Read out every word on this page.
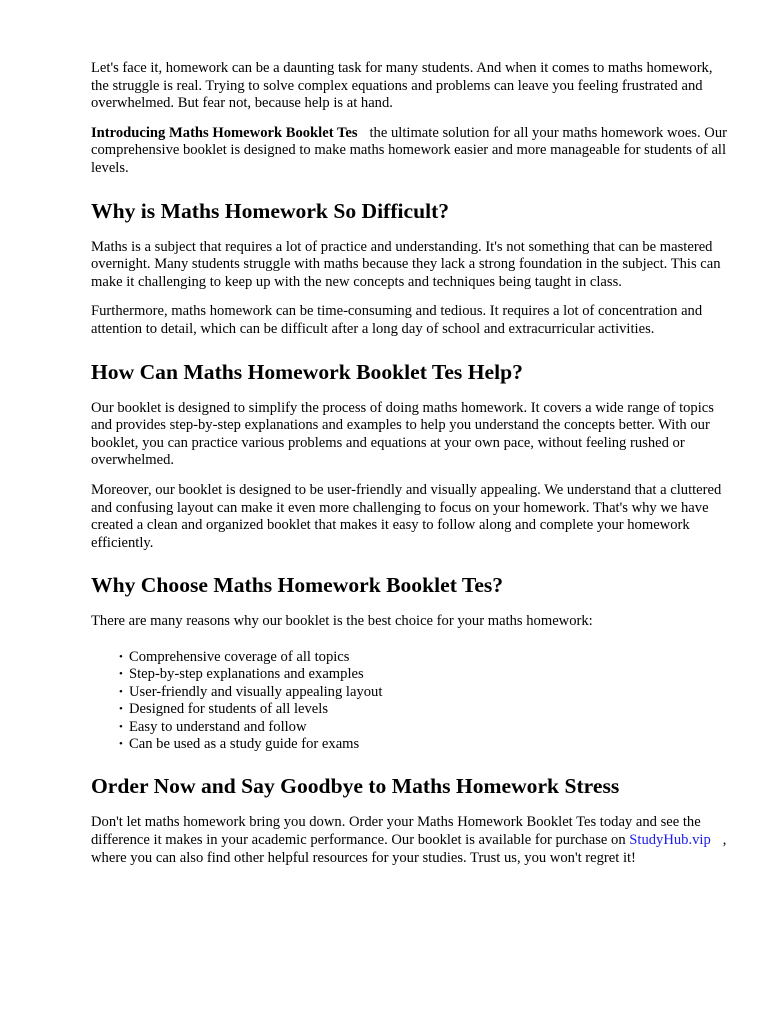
Let's face it, homework can be a daunting task for many students. And when it comes to maths homework, the struggle is real. Trying to solve complex equations and problems can leave you feeling frustrated and overwhelmed. But fear not, because help is at hand.

Introducing Maths Homework Booklet Tes the ultimate solution for all your maths homework woes. Our comprehensive booklet is designed to make maths homework easier and more manageable for students of all levels.

Why is Maths Homework So Difficult?

Maths is a subject that requires a lot of practice and understanding. It's not something that can be mastered overnight. Many students struggle with maths because they lack a strong foundation in the subject. This can make it challenging to keep up with the new concepts and techniques being taught in class.

Furthermore, maths homework can be time-consuming and tedious. It requires a lot of concentration and attention to detail, which can be difficult after a long day of school and extracurricular activities.

How Can Maths Homework Booklet Tes Help?

Our booklet is designed to simplify the process of doing maths homework. It covers a wide range of topics and provides step-by-step explanations and examples to help you understand the concepts better. With our booklet, you can practice various problems and equations at your own pace, without feeling rushed or overwhelmed.

Moreover, our booklet is designed to be user-friendly and visually appealing. We understand that a cluttered and confusing layout can make it even more challenging to focus on your homework. That's why we have created a clean and organized booklet that makes it easy to follow along and complete your homework efficiently.

Why Choose Maths Homework Booklet Tes?

There are many reasons why our booklet is the best choice for your maths homework:

• Comprehensive coverage of all topics
• Step-by-step explanations and examples
• User-friendly and visually appealing layout
• Designed for students of all levels
• Easy to understand and follow
• Can be used as a study guide for exams
Order Now and Say Goodbye to Maths Homework Stress

Don't let maths homework bring you down. Order your Maths Homework Booklet Tes today and see the difference it makes in your academic performance. Our booklet is available for purchase on StudyHub.vip , where you can also find other helpful resources for your studies. Trust us, you won't regret it!
